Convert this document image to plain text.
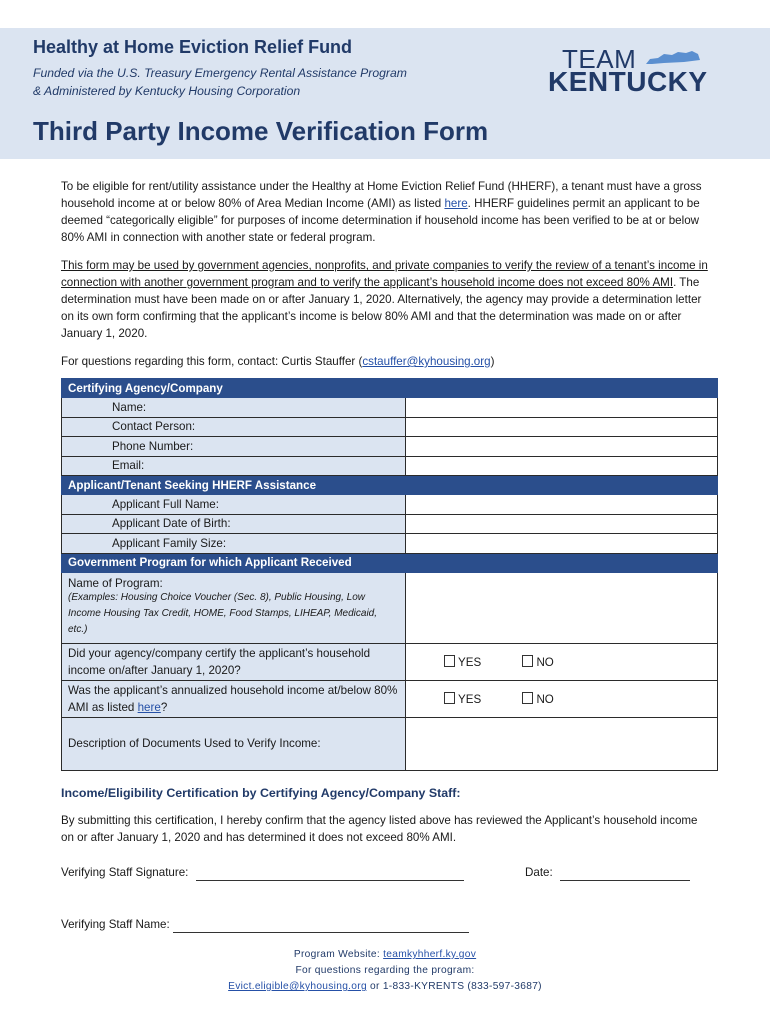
Healthy at Home Eviction Relief Fund
Funded via the U.S. Treasury Emergency Rental Assistance Program
& Administered by Kentucky Housing Corporation
Third Party Income Verification Form
TEAM
KENTUCKY
To be eligible for rent/utility assistance under the Healthy at Home Eviction Relief Fund (HHERF), a tenant must have a gross household income at or below 80% of Area Median Income (AMI) as listed here. HHERF guidelines permit an applicant to be deemed “categorically eligible” for purposes of income determination if household income has been verified to be at or below 80% AMI in connection with another state or federal program.
This form may be used by government agencies, nonprofits, and private companies to verify the review of a tenant’s income in connection with another government program and to verify the applicant’s household income does not exceed 80% AMI. The determination must have been made on or after January 1, 2020. Alternatively, the agency may provide a determination letter on its own form confirming that the applicant’s income is below 80% AMI and that the determination was made on or after January 1, 2020.
For questions regarding this form, contact: Curtis Stauffer (cstauffer@kyhousing.org)
Certifying Agency/Company	
Name:	
Contact Person:	
Phone Number:	
Email:	
Applicant/Tenant Seeking HHERF Assistance	
Applicant Full Name:	
Applicant Date of Birth:	
Applicant Family Size:	
Government Program for which Applicant Received	

Name of Program:
(Examples: Housing Choice Voucher (Sec. 8), Public Housing, Low Income Housing Tax Credit, HOME, Food Stamps, LIHEAP, Medicaid, etc.)	

Did your agency/company certify the applicant’s household income on/after January 1, 2020?	YES NO
Was the applicant’s annualized household income at/below 80% AMI as listed here?	YES NO
Description of Documents Used to Verify Income:	
Income/Eligibility Certification by Certifying Agency/Company Staff:
By submitting this certification, I hereby confirm that the agency listed above has reviewed the Applicant’s household income on or after January 1, 2020 and has determined it does not exceed 80% AMI.
Verifying Staff Signature:	Date:
Verifying Staff Name:
Program Website: teamkyhherf.ky.gov
For questions regarding the program:
Evict.eligible@kyhousing.org or 1-833-KYRENTS (833-597-3687)
